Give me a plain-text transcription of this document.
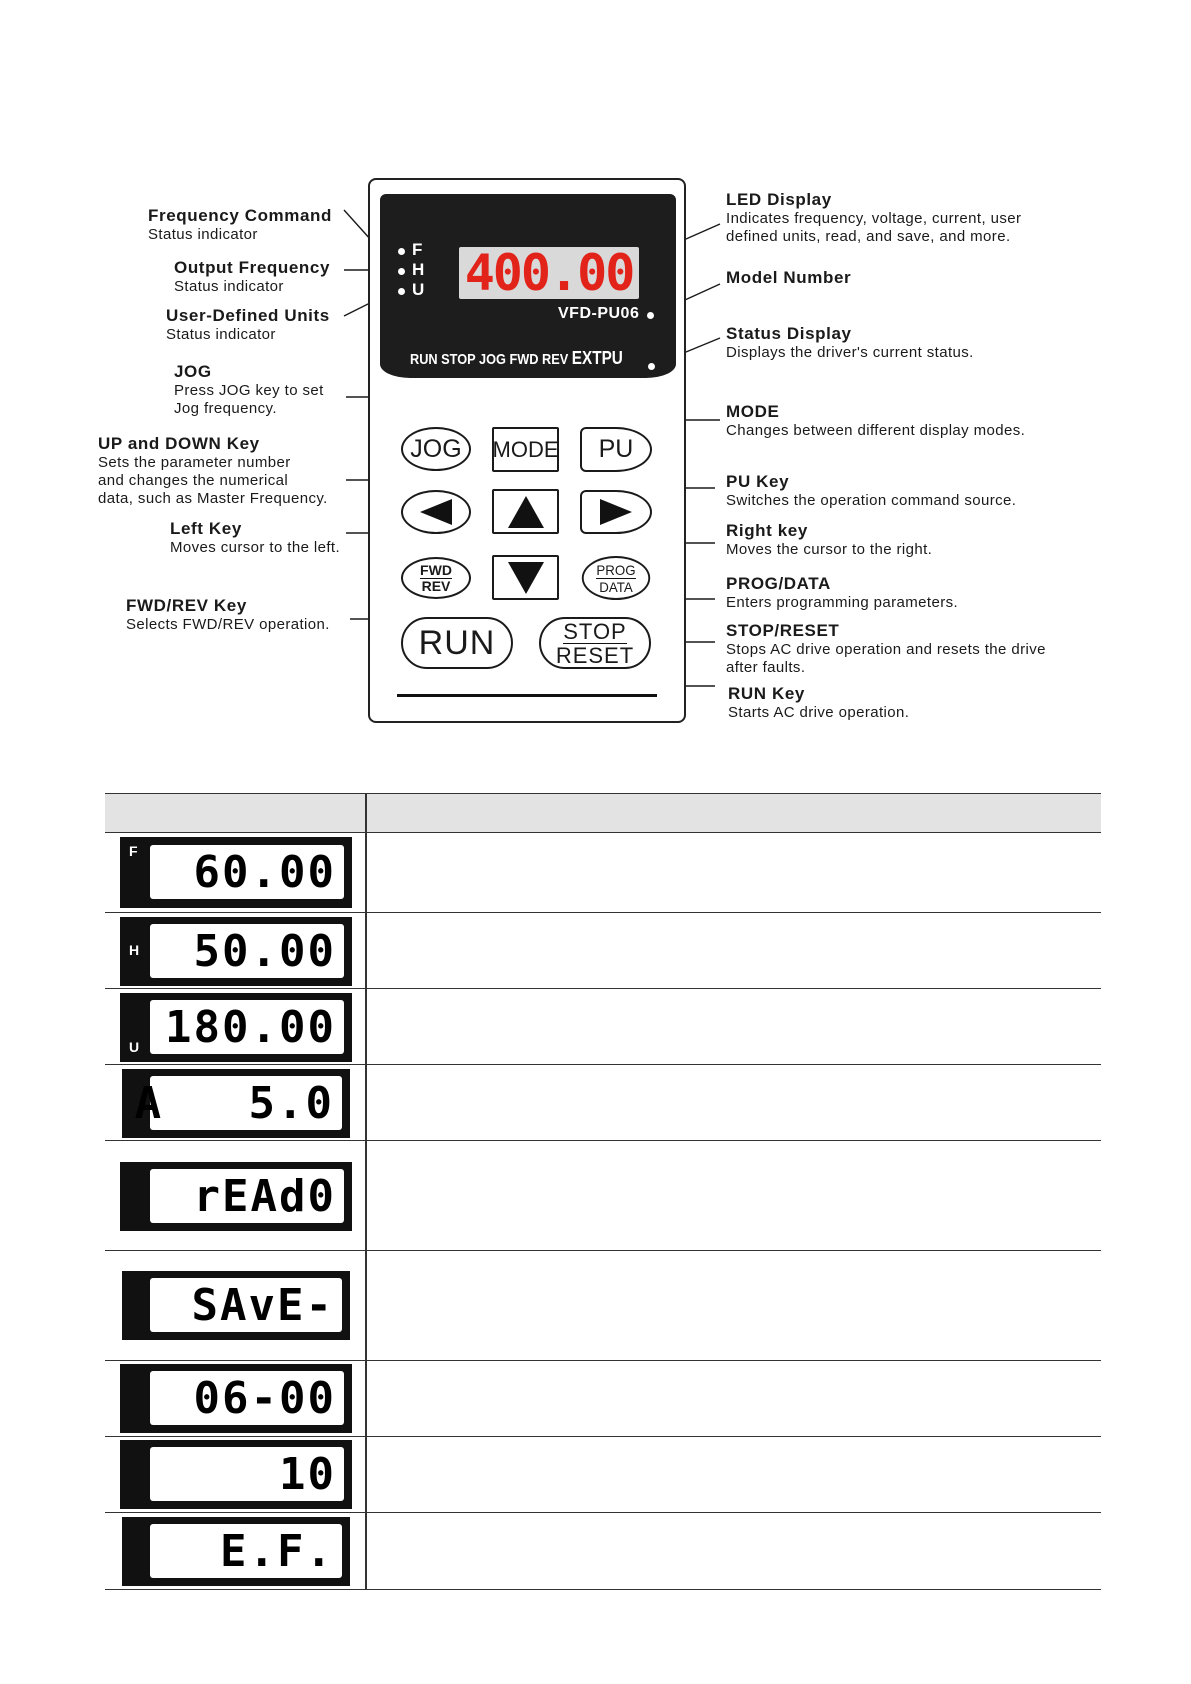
400.00
F
H
U
VFD-PU06
RUN STOP JOG FWD REV EXTPU
JOG MODE PU
FWD
REV
PROG
DATA
RUN	STOP
RESET
Frequency Command
Status indicator
Output Frequency
Status indicator
User-Defined Units
Status indicator
JOG
Press JOG key to set
Jog frequency.
UP and DOWN Key
Sets the parameter number
and changes the numerical
data, such as Master Frequency.
Left Key
Moves cursor to the left.
FWD/REV Key
Selects FWD/REV operation.
LED Display
Indicates frequency, voltage, current, user
defined units, read, and save, and more.
Model Number
Status Display
Displays the driver's current status.
MODE
Changes between different display modes.
PU Key
Switches the operation command source.
Right key
Moves the cursor to the right.
PROG/DATA
Enters programming parameters.
STOP/RESET
Stops AC drive operation and resets the drive
after faults.
RUN Key
Starts AC drive operation.
F 60.00
H 50.00
U 180.00
A   5.0
rEAd0
SAvE-
06-00
10
E.F.
